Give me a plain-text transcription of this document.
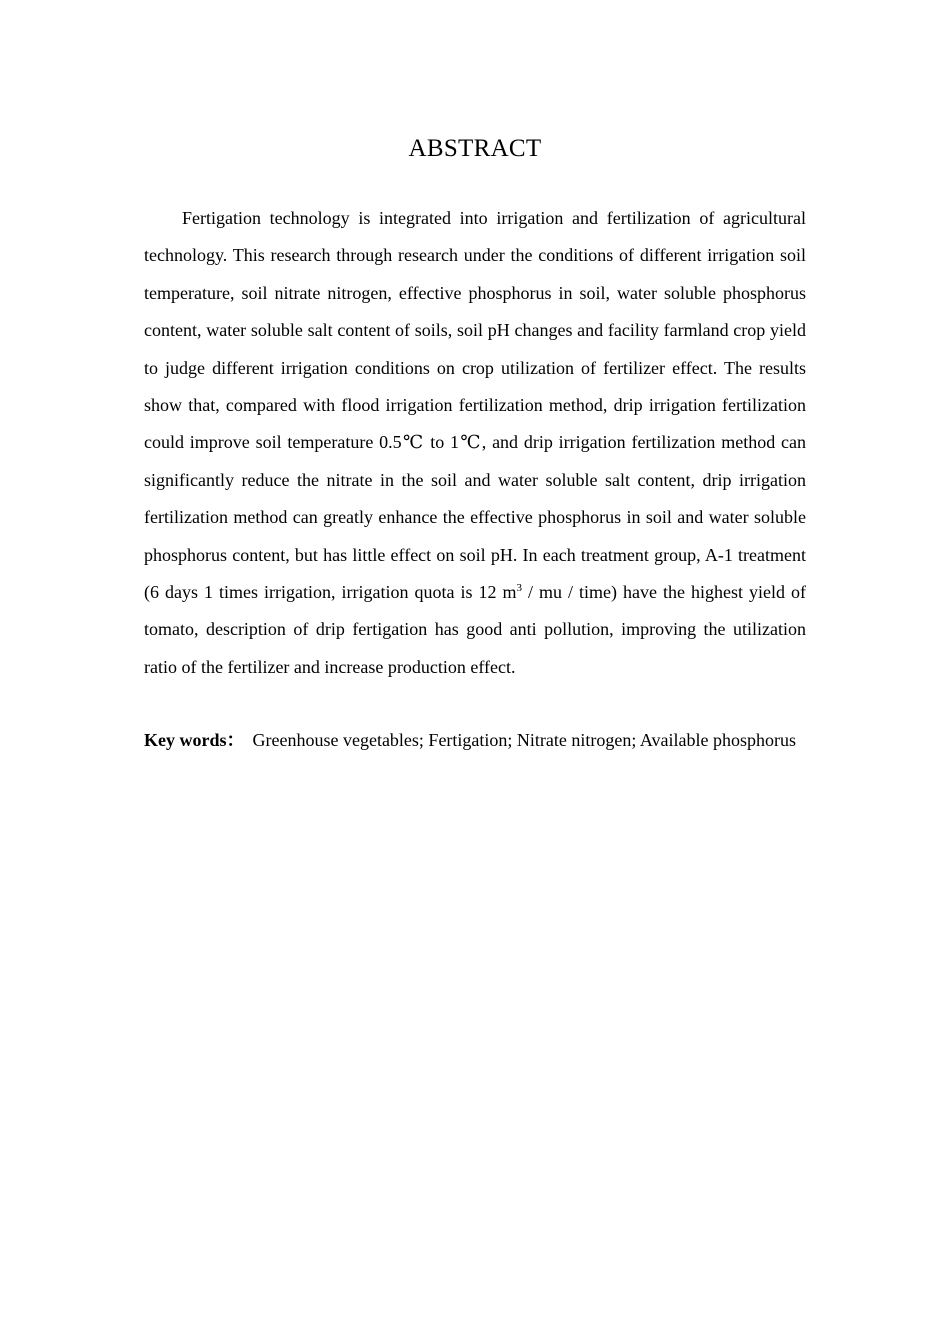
ABSTRACT

Fertigation technology is integrated into irrigation and fertilization of agricultural technology. This research through research under the conditions of different irrigation soil temperature, soil nitrate nitrogen, effective phosphorus in soil, water soluble phosphorus content, water soluble salt content of soils, soil pH changes and facility farmland crop yield to judge different irrigation conditions on crop utilization of fertilizer effect. The results show that, compared with flood irrigation fertilization method, drip irrigation fertilization could improve soil temperature 0.5℃ to 1℃, and drip irrigation fertilization method can significantly reduce the nitrate in the soil and water soluble salt content, drip irrigation fertilization method can greatly enhance the effective phosphorus in soil and water soluble phosphorus content, but has little effect on soil pH. In each treatment group, A-1 treatment (6 days 1 times irrigation, irrigation quota is 12 $m^3$ / mu / time) have the highest yield of tomato, description of drip fertigation has good anti pollution, improving the utilization ratio of the fertilizer and increase production effect.

Key words： Greenhouse vegetables; Fertigation; Nitrate nitrogen; Available phosphorus
